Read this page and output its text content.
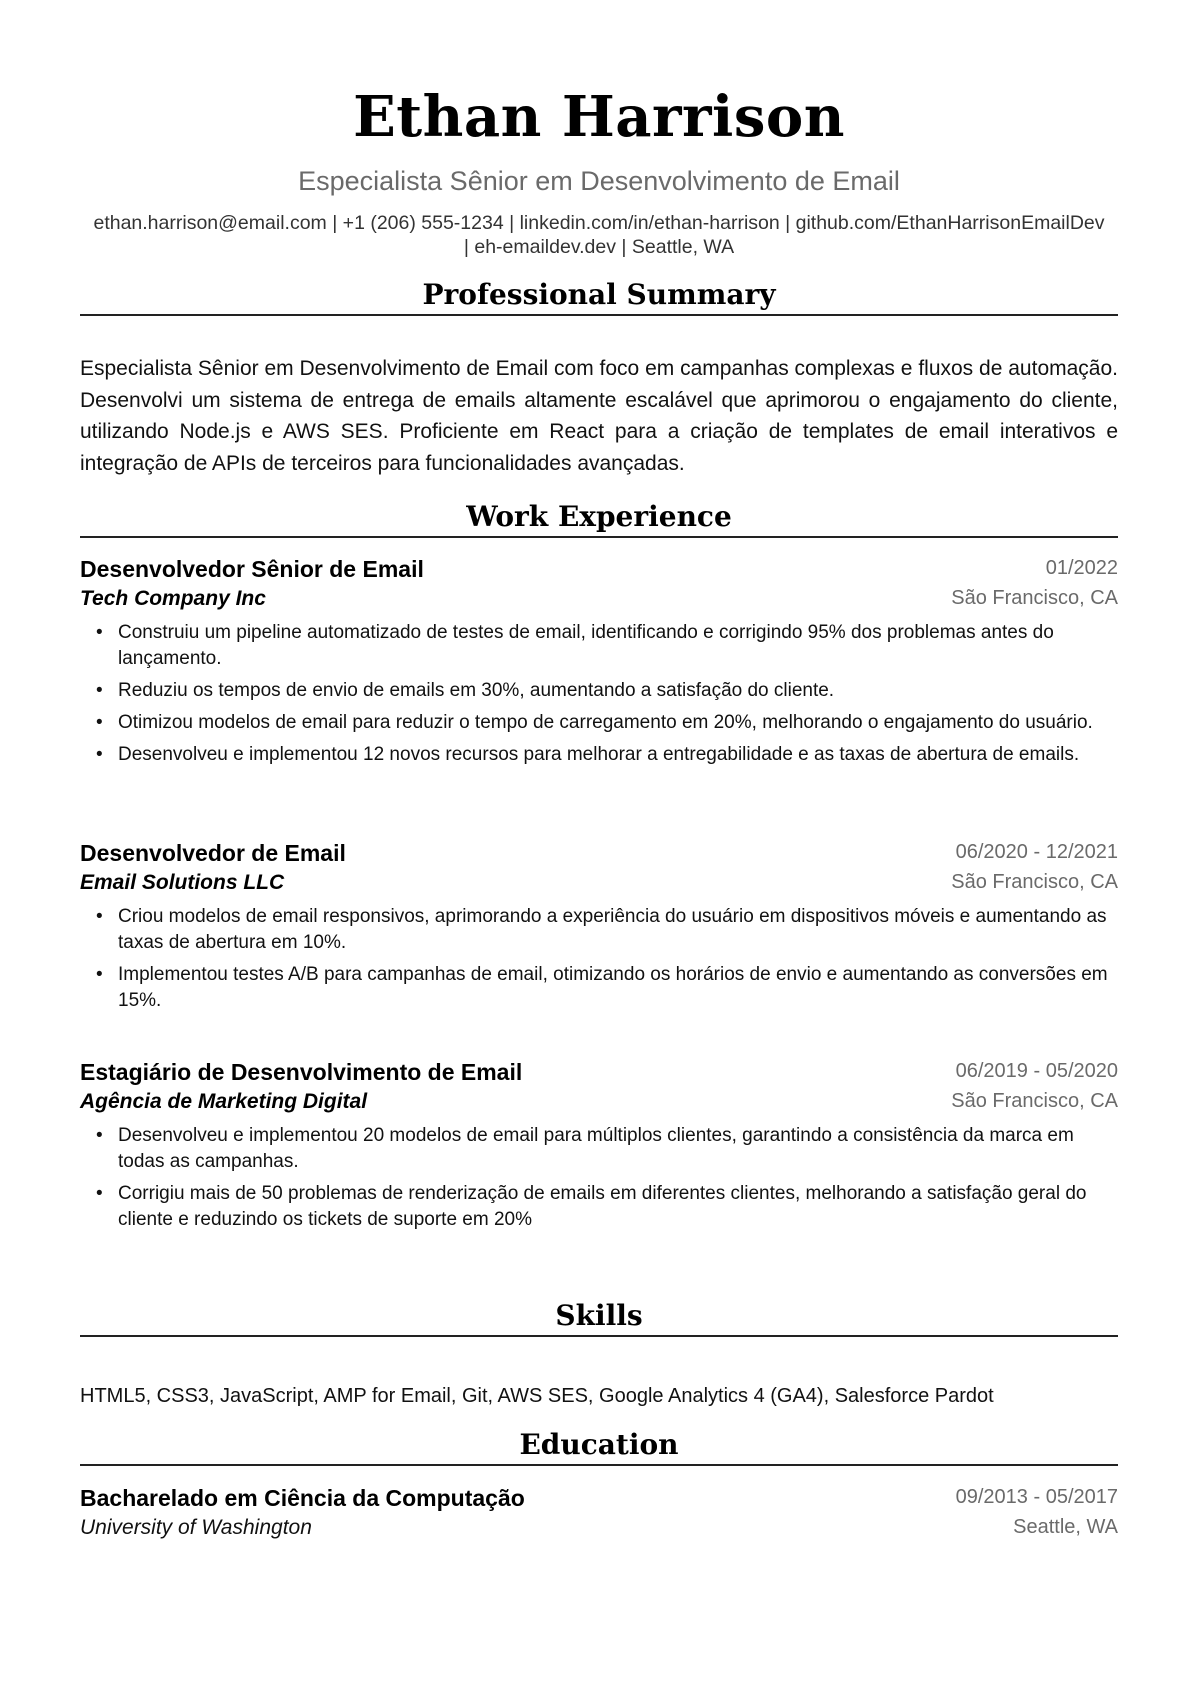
Ethan Harrison
Especialista Sênior em Desenvolvimento de Email
ethan.harrison@email.com | +1 (206) 555-1234 | linkedin.com/in/ethan-harrison | github.com/EthanHarrisonEmailDev
| eh-emaildev.dev | Seattle, WA
Professional Summary
Especialista Sênior em Desenvolvimento de Email com foco em campanhas complexas e fluxos de automação. Desenvolvi um sistema de entrega de emails altamente escalável que aprimorou o engajamento do cliente, utilizando Node.js e AWS SES. Proficiente em React para a criação de templates de email interativos e integração de APIs de terceiros para funcionalidades avançadas.
Work Experience
Desenvolvedor Sênior de Email	01/2022
Tech Company Inc	São Francisco, CA
• Construiu um pipeline automatizado de testes de email, identificando e corrigindo 95% dos problemas antes do lançamento.
• Reduziu os tempos de envio de emails em 30%, aumentando a satisfação do cliente.
• Otimizou modelos de email para reduzir o tempo de carregamento em 20%, melhorando o engajamento do usuário.
• Desenvolveu e implementou 12 novos recursos para melhorar a entregabilidade e as taxas de abertura de emails.
Desenvolvedor de Email	06/2020 - 12/2021
Email Solutions LLC	São Francisco, CA
• Criou modelos de email responsivos, aprimorando a experiência do usuário em dispositivos móveis e aumentando as taxas de abertura em 10%.
• Implementou testes A/B para campanhas de email, otimizando os horários de envio e aumentando as conversões em 15%.
Estagiário de Desenvolvimento de Email	06/2019 - 05/2020
Agência de Marketing Digital	São Francisco, CA
• Desenvolveu e implementou 20 modelos de email para múltiplos clientes, garantindo a consistência da marca em todas as campanhas.
• Corrigiu mais de 50 problemas de renderização de emails em diferentes clientes, melhorando a satisfação geral do cliente e reduzindo os tickets de suporte em 20%
Skills
HTML5, CSS3, JavaScript, AMP for Email, Git, AWS SES, Google Analytics 4 (GA4), Salesforce Pardot
Education
Bacharelado em Ciência da Computação	09/2013 - 05/2017
University of Washington	Seattle, WA
